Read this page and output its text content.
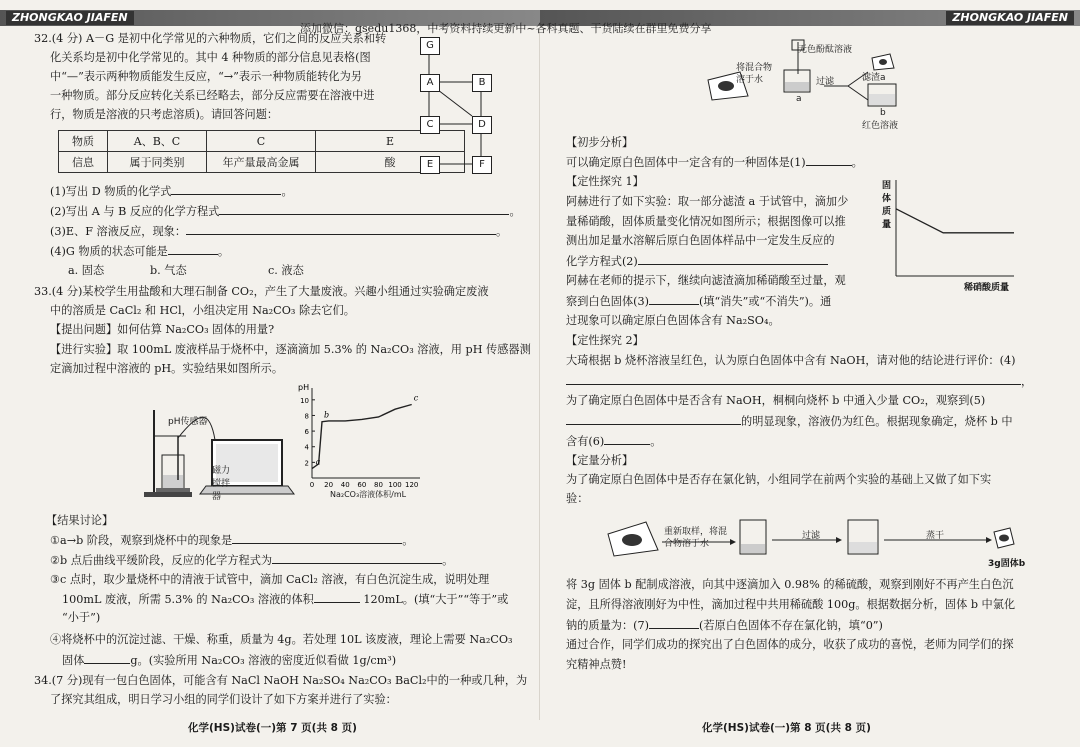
ZHONGKAO JIAFEN
32.(4 分) A－G 是初中化学常见的六种物质，它们之间的反应关系和转
化关系均是初中化学常见的。其中 4 种物质的部分信息见表格(图
中“—”表示两种物质能发生反应，“→”表示一种物质能转化为另
一种物质。部分反应转化关系已经略去，部分反应需要在溶液中进
行，物质是溶液的只考虑溶质)。请回答问题：
物质	A、B、C	C	E
信息	属于同类别	年产量最高金属	酸
G
A	B
C	D
E	F
(1)写出 D 物质的化学式	。
(2)写出 A 与 B 反应的化学方程式	。
(3)E、F 溶液反应，现象：	。
(4)G 物质的状态可能是	。
a. 固态	b. 气态	c. 液态
33.(4 分)某校学生用盐酸和大理石制备 CO₂，产生了大量废液。兴趣小组通过实验确定废液
中的溶质是 CaCl₂ 和 HCl，小组决定用 Na₂CO₃ 除去它们。
【提出问题】如何估算 Na₂CO₃ 固体的用量?
【进行实验】取 100mL 废液样品于烧杯中，逐滴滴加 5.3% 的 Na₂CO₃ 溶液，用 pH 传感器测
定滴加过程中溶液的 pH。实验结果如图所示。
pH传感器
磁力搅拌器
pH
2
4
6
8
10
0 20 40 60 80 100 120
a
b
c
Na₂CO₃溶液体积/mL
【结果讨论】
①a→b 阶段，观察到烧杯中的现象是	。
②b 点后曲线平缓阶段，反应的化学方程式为	。
③c 点时，取少量烧杯中的清液于试管中，滴加 CaCl₂ 溶液，有白色沉淀生成，说明处理
100mL 废液，所需 5.3% 的 Na₂CO₃ 溶液的体积	120mL。(填“大于”“等于”或
“小于”)
④将烧杯中的沉淀过滤、干燥、称重，质量为 4g。若处理 10L 该废液，理论上需要 Na₂CO₃
固体	g。(实验所用 Na₂CO₃ 溶液的密度近似看做 1g/cm³)
34.(7 分)现有一包白色固体，可能含有 NaCl NaOH Na₂SO₄ Na₂CO₃ BaCl₂中的一种或几种，为
了探究其组成，明日学习小组的同学们设计了如下方案并进行了实验：
化学(HS)试卷(一)第 7 页(共 8 页)
ZHONGKAO JIAFEN
无色酚酞溶液
将混合物
溶于水	过滤	滤渣a
a
b
红色溶液
【初步分析】
可以确定原白色固体中一定含有的一种固体是(1)	。
【定性探究 1】
阿赫进行了如下实验：取一部分滤渣 a 于试管中，滴加少
量稀硝酸，固体质量变化情况如图所示；根据图像可以推
测出加足量水溶解后原白色固体样品中一定发生反应的
化学方程式(2)
阿赫在老师的提示下，继续向滤渣滴加稀硝酸至过量，观
察到白色固体(3)	(填“消失”或“不消失”)。通
过现象可以确定原白色固体含有 Na₂SO₄。
固体质量
稀硝酸质量
【定性探究 2】
大琦根据 b 烧杯溶液呈红色，认为原白色固体中含有 NaOH，请对他的结论进行评价：(4)
，
为了确定原白色固体中是否含有 NaOH，桐桐向烧杯 b 中通入少量 CO₂，观察到(5)
的明显现象，溶液仍为红色。根据现象确定，烧杯 b 中
含有(6)	。
【定量分析】
为了确定原白色固体中是否存在氯化钠，小组同学在前两个实验的基础上又做了如下实
验：
重新取样，将混
合物溶于水
过滤	蒸干
3g固体b
将 3g 固体 b 配制成溶液，向其中逐滴加入 0.98% 的稀硫酸，观察到刚好不再产生白色沉
淀，且所得溶液刚好为中性，滴加过程中共用稀硫酸 100g。根据数据分析，固体 b 中氯化
钠的质量为：(7)	(若原白色固体不存在氯化钠，填“0”)
通过合作，同学们成功的探究出了白色固体的成分，收获了成功的喜悦，老师为同学们的探
究精神点赞!
化学(HS)试卷(一)第 8 页(共 8 页)
添加微信：gsedu1368，中考资料持续更新中~各科真题、干货陆续在群里免费分享
